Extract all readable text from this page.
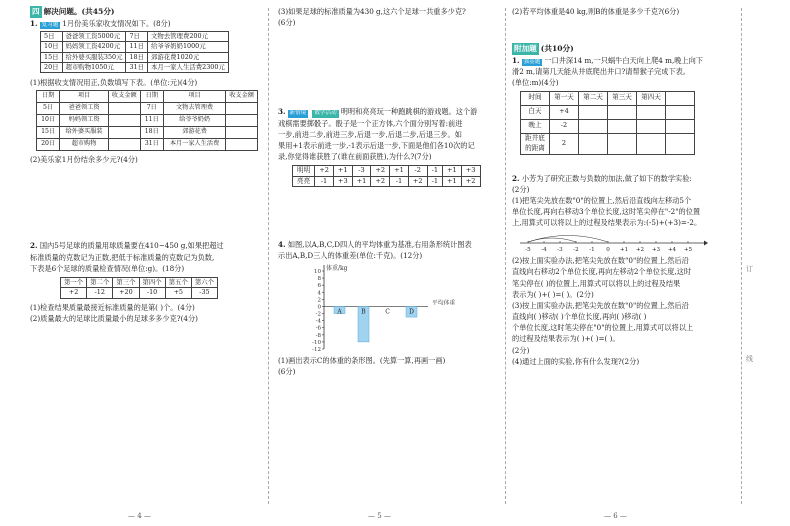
订
线
四 解决问题。(共45分)

1. 复习题 1月份美乐家收支情况如下。(8分)

5日	爸爸领工资5000元	7日	文物去管理费200元
10日	妈妈领工资4200元	11日	给爷爷奶奶1000元
15日	给外婆买服装350元	18日	郊游花费1020元
20日	超市购物1050元	31日	本月一家人生活费2300元

(1)根据收支情况用正,负数填写下表。(单位:元)(4分)

日期	项目	收支金额	日期	项目	收支金额
5日	爸爸领工资		7日	文物去管理费	
10日	妈妈领工资		11日	给爷爷奶奶	
15日	给外婆买服装		18日	郊游花费	
20日	超市购物		31日	本月一家人生活费	

(2)美乐家1月份结余多少元?(4分)

2. 国内5号足球的质量用球质量要在410~450 g,如果把超过
标准质量的克数记为正数,把低于标准质量的克数记为负数,
下表是6个足球的质量检查情况(单位:g)。(18分)

第一个	第二个	第三个	第四个	第五个	第六个
+2	-12	+20	-10	+5	-35

(1)检查结果质量最接近标准质量的是第( )个。(4分)

(2)质量最大的足球比质量最小的足球多多少克?(4分)

(3)如果足球的标准质量为430 g,这六个足球一共重多少克?

(6分)

3. 新情境 数学活动 明明和亮亮玩一种跑跳棋的游戏题。这个游
戏棋需要掷骰子。骰子是一个正方体,六个面分别写着:前进
一步,前进二步,前进三步,后退一步,后退二步,后退三步。如
果用+1表示前进一步,-1表示后退一步,下面是他们各10次的记
录,你觉得谁获胜了(谁在前面获胜),为什么?(7分)

明明	+2	+1	-3	+2	+1	-2	-1	+1	+3
亮亮	-1	+3	+1	+2	-1	+2	-1	+1	+2

4. 如图,以A,B,C,D四人的平均体重为基准,右用条形统计图表
示出A,B,D三人的体重差(单位:千克)。(12分)

体重/kg
10
8
6
4
2
0
-2
-4
-6
-8
-10
-12
平均体重
A	B	C	D

(1)画出表示C的体重的条形图。(先算一算,再画一画)

(6分)

(2)若平均体重是40 kg,则B的体重是多少千克?(6分)

附加题 (共10分)

1. 强基题 一口井深14 m,一只蜗牛白天向上爬4 m,晚上向下
滑2 m,请第几天能从井底爬出井口?请帮猴子完成下表。
(单位:m)(4分)

时间	第一天	第二天	第三天	第四天	
白天	+4				
晚上	-2				
距井底
的距离	2				

2. 小芳为了研究正数与负数的加法,做了如下的数学实验:

(2分)

(1)把笔尖先放在数"0"的位置上,然后沿直线向左移动5个
单位长度,再向右移动3个单位长度,这时笔尖停在"-2"的位置
上,用算式可以将以上的过程及结果表示为:(-5)+(+3)=-2。

-5 -4 -3 -2 -1 0 +1 +2 +3 +4 +5

(2)按上面实验办法,把笔尖先放在数"0"的位置上,然后沿
直线向右移动2个单位长度,再向左移动2个单位长度,这时
笔尖停在( )的位置上,用算式可以将以上的过程及结果
表示为( )+( )=( )。(2分)

(3)按上面实验办法,把笔尖先放在数"0"的位置上,然后沿
直线向( )移动( )个单位长度,再向( )移动( )
个单位长度,这时笔尖停在"0"的位置上,用算式可以将以上
的过程及结果表示为( )+( )=( )。

(2分)

(4)通过上面的实验,你有什么发现?(2分)

— 4 —	— 5 —	— 6 —
